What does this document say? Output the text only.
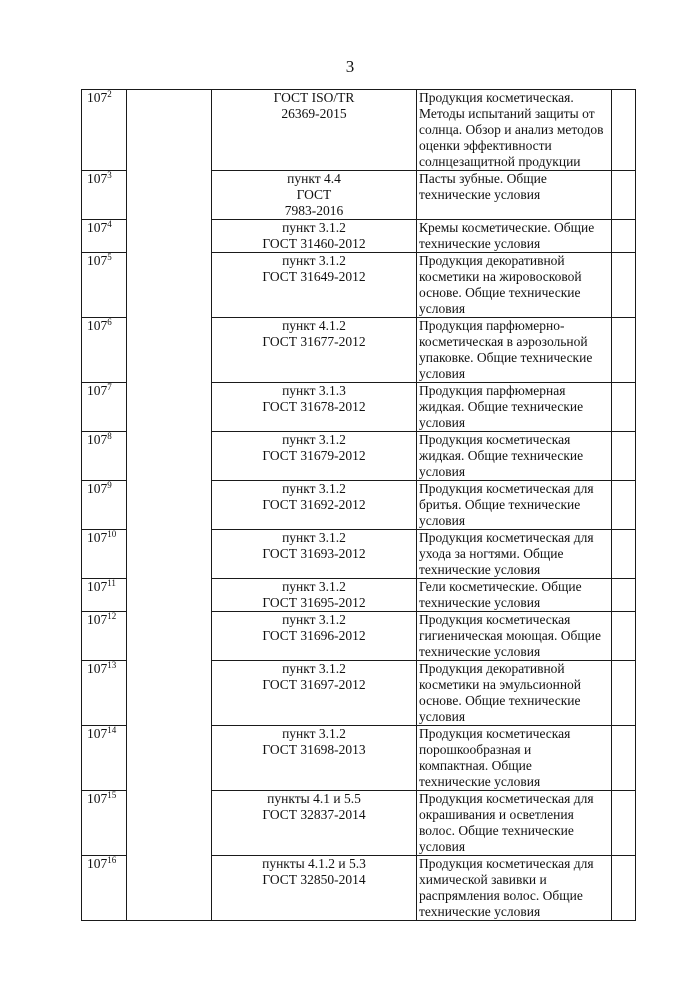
3
$107^2$		ГОСТ ISO/TR
26369-2015	Продукция косметическая.
Методы испытаний защиты от
солнца. Обзор и анализ методов
оценки эффективности
солнцезащитной продукции	

$107^3$		пункт 4.4
ГОСТ
7983-2016	Пасты зубные. Общие
технические условия	

$107^4$		пункт 3.1.2
ГОСТ 31460-2012	Кремы косметические. Общие
технические условия	

$107^5$		пункт 3.1.2
ГОСТ 31649-2012	Продукция декоративной
косметики на жировосковой
основе. Общие технические
условия	

$107^6$		пункт 4.1.2
ГОСТ 31677-2012	Продукция парфюмерно-
косметическая в аэрозольной
упаковке. Общие технические
условия	

$107^7$		пункт 3.1.3
ГОСТ 31678-2012	Продукция парфюмерная
жидкая. Общие технические
условия	

$107^8$		пункт 3.1.2
ГОСТ 31679-2012	Продукция косметическая
жидкая. Общие технические
условия	

$107^9$		пункт 3.1.2
ГОСТ 31692-2012	Продукция косметическая для
бритья. Общие технические
условия	

$107^{10}$		пункт 3.1.2
ГОСТ 31693-2012	Продукция косметическая для
ухода за ногтями. Общие
технические условия	

$107^{11}$		пункт 3.1.2
ГОСТ 31695-2012	Гели косметические. Общие
технические условия	

$107^{12}$		пункт 3.1.2
ГОСТ 31696-2012	Продукция косметическая
гигиеническая моющая. Общие
технические условия	

$107^{13}$		пункт 3.1.2
ГОСТ 31697-2012	Продукция декоративной
косметики на эмульсионной
основе. Общие технические
условия	

$107^{14}$		пункт 3.1.2
ГОСТ 31698-2013	Продукция косметическая
порошкообразная и
компактная. Общие
технические условия	

$107^{15}$		пункты 4.1 и 5.5
ГОСТ 32837-2014	Продукция косметическая для
окрашивания и осветления
волос. Общие технические
условия	

$107^{16}$		пункты 4.1.2 и 5.3
ГОСТ 32850-2014	Продукция косметическая для
химической завивки и
распрямления волос. Общие
технические условия	
